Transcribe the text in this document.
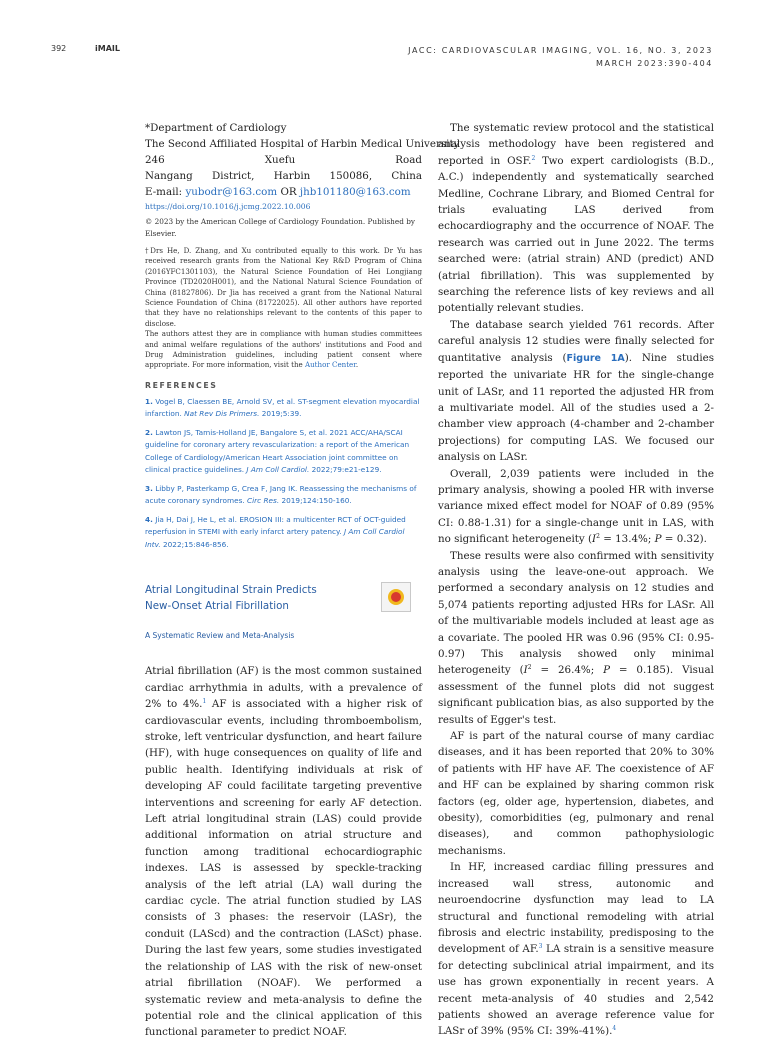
392	iMAIL	JACC: CARDIOVASCULAR IMAGING, VOL. 16, NO. 3, 2023
MARCH 2023:390-404
*Department of Cardiology
The Second Affiliated Hospital of Harbin Medical University
246 Xuefu Road
Nangang District, Harbin 150086, China
E-mail: yubodr@163.com OR jhb101180@163.com
https://doi.org/10.1016/j.jcmg.2022.10.006
© 2023 by the American College of Cardiology Foundation. Published by Elsevier.

†Drs He, D. Zhang, and Xu contributed equally to this work. Dr Yu has received research grants from the National Key R&D Program of China (2016YFC1301103), the Natural Science Foundation of Hei Longjiang Province (TD2020H001), and the National Natural Science Foundation of China (81827806). Dr Jia has received a grant from the National Natural Science Foundation of China (81722025). All other authors have reported that they have no relationships relevant to the contents of this paper to disclose.

The authors attest they are in compliance with human studies committees and animal welfare regulations of the authors' institutions and Food and Drug Administration guidelines, including patient consent where appropriate. For more information, visit the Author Center.

REFERENCES
1. Vogel B, Claessen BE, Arnold SV, et al. ST-segment elevation myocardial infarction. Nat Rev Dis Primers. 2019;5:39.
2. Lawton JS, Tamis-Holland JE, Bangalore S, et al. 2021 ACC/AHA/SCAI guideline for coronary artery revascularization: a report of the American College of Cardiology/American Heart Association joint committee on clinical practice guidelines. J Am Coll Cardiol. 2022;79:e21-e129.
3. Libby P, Pasterkamp G, Crea F, Jang IK. Reassessing the mechanisms of acute coronary syndromes. Circ Res. 2019;124:150-160.
4. Jia H, Dai J, He L, et al. EROSION III: a multicenter RCT of OCT-guided reperfusion in STEMI with early infarct artery patency. J Am Coll Cardiol Intv. 2022;15:846-856.
Atrial Longitudinal Strain Predicts
New-Onset Atrial Fibrillation
A Systematic Review and Meta-Analysis

Atrial fibrillation (AF) is the most common sustained cardiac arrhythmia in adults, with a prevalence of 2% to 4%.$^1$ AF is associated with a higher risk of cardiovascular events, including thromboembolism, stroke, left ventricular dysfunction, and heart failure (HF), with huge consequences on quality of life and public health. Identifying individuals at risk of developing AF could facilitate targeting preventive interventions and screening for early AF detection. Left atrial longitudinal strain (LAS) could provide additional information on atrial structure and function among traditional echocardiographic indexes. LAS is assessed by speckle-tracking analysis of the left atrial (LA) wall during the cardiac cycle. The atrial function studied by LAS consists of 3 phases: the reservoir (LASr), the conduit (LAScd) and the contraction (LASct) phase. During the last few years, some studies investigated the relationship of LAS with the risk of new-onset atrial fibrillation (NOAF). We performed a systematic review and meta-analysis to define the potential role and the clinical application of this functional parameter to predict NOAF.

The systematic review protocol and the statistical analysis methodology have been registered and reported in OSF.$^2$ Two expert cardiologists (B.D., A.C.) independently and systematically searched Medline, Cochrane Library, and Biomed Central for trials evaluating LAS derived from echocardiography and the occurrence of NOAF. The research was carried out in June 2022. The terms searched were: (atrial strain) AND (predict) AND (atrial fibrillation). This was supplemented by searching the reference lists of key reviews and all potentially relevant studies.

The database search yielded 761 records. After careful analysis 12 studies were finally selected for quantitative analysis (Figure 1A). Nine studies reported the univariate HR for the single-change unit of LASr, and 11 reported the adjusted HR from a multivariate model. All of the studies used a 2-chamber view approach (4-chamber and 2-chamber projections) for computing LAS. We focused our analysis on LASr.

Overall, 2,039 patients were included in the primary analysis, showing a pooled HR with inverse variance mixed effect model for NOAF of 0.89 (95% CI: 0.88-1.31) for a single-change unit in LAS, with no significant heterogeneity ($I^2 = 13.4\%$; P = 0.32).

These results were also confirmed with sensitivity analysis using the leave-one-out approach. We performed a secondary analysis on 12 studies and 5,074 patients reporting adjusted HRs for LASr. All of the multivariable models included at least age as a covariate. The pooled HR was 0.96 (95% CI: 0.95-0.97) This analysis showed only minimal heterogeneity ($I^2 = 26.4\%$; P = 0.185). Visual assessment of the funnel plots did not suggest significant publication bias, as also supported by the results of Egger's test.

AF is part of the natural course of many cardiac diseases, and it has been reported that 20% to 30% of patients with HF have AF. The coexistence of AF and HF can be explained by sharing common risk factors (eg, older age, hypertension, diabetes, and obesity), comorbidities (eg, pulmonary and renal diseases), and common pathophysiologic mechanisms.

In HF, increased cardiac filling pressures and increased wall stress, autonomic and neuroendocrine dysfunction may lead to LA structural and functional remodeling with atrial fibrosis and electric instability, predisposing to the development of AF.$^3$ LA strain is a sensitive measure for detecting subclinical atrial impairment, and its use has grown exponentially in recent years. A recent meta-analysis of 40 studies and 2,542 patients showed an average reference value for LASr of 39% (95% CI: 39%-41%).$^4$
